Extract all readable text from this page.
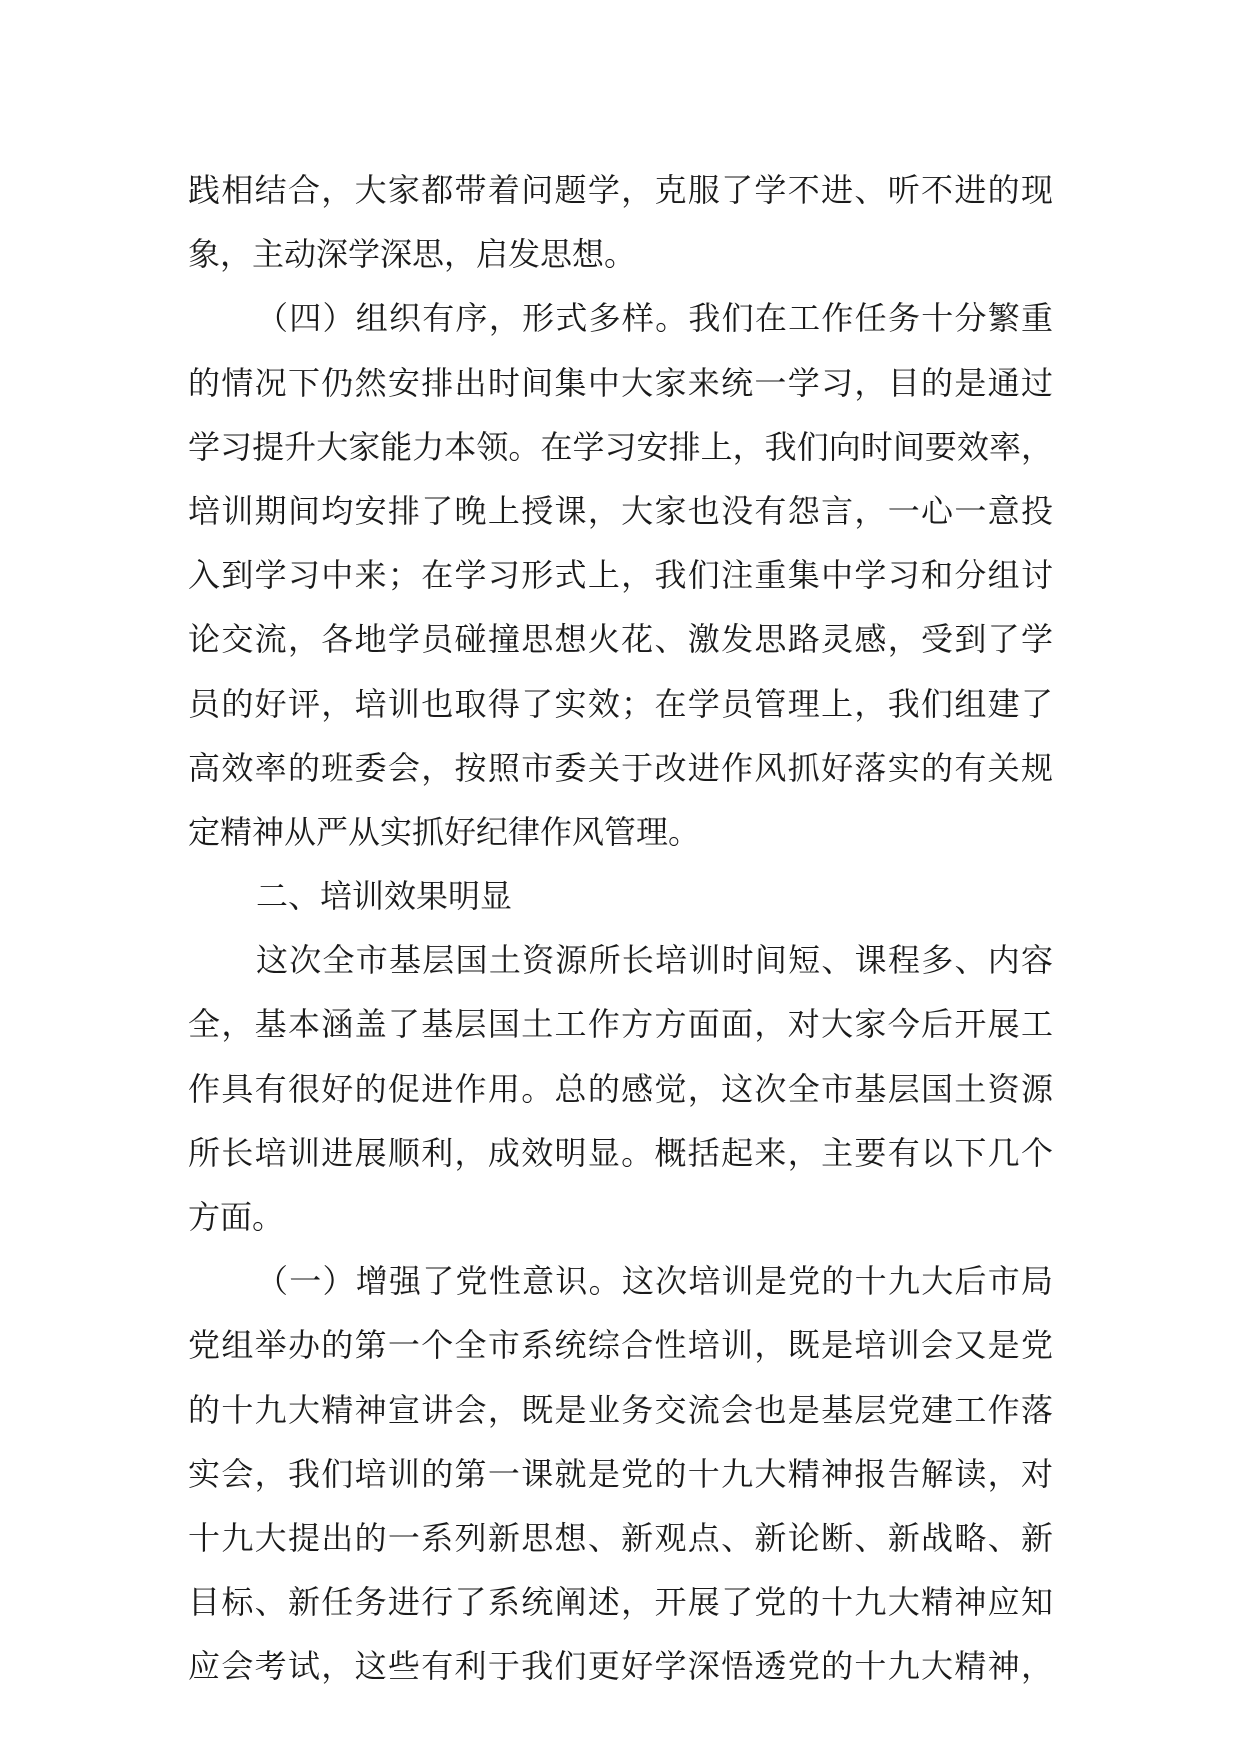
践相结合，大家都带着问题学，克服了学不进、听不进的现
象，主动深学深思，启发思想。
（四）组织有序，形式多样。我们在工作任务十分繁重
的情况下仍然安排出时间集中大家来统一学习，目的是通过
学习提升大家能力本领。在学习安排上，我们向时间要效率，
培训期间均安排了晚上授课，大家也没有怨言，一心一意投
入到学习中来；在学习形式上，我们注重集中学习和分组讨
论交流，各地学员碰撞思想火花、激发思路灵感，受到了学
员的好评，培训也取得了实效；在学员管理上，我们组建了
高效率的班委会，按照市委关于改进作风抓好落实的有关规
定精神从严从实抓好纪律作风管理。
二、培训效果明显
这次全市基层国土资源所长培训时间短、课程多、内容
全，基本涵盖了基层国土工作方方面面，对大家今后开展工
作具有很好的促进作用。总的感觉，这次全市基层国土资源
所长培训进展顺利，成效明显。概括起来，主要有以下几个
方面。
（一）增强了党性意识。这次培训是党的十九大后市局
党组举办的第一个全市系统综合性培训，既是培训会又是党
的十九大精神宣讲会，既是业务交流会也是基层党建工作落
实会，我们培训的第一课就是党的十九大精神报告解读，对
十九大提出的一系列新思想、新观点、新论断、新战略、新
目标、新任务进行了系统阐述，开展了党的十九大精神应知
应会考试，这些有利于我们更好学深悟透党的十九大精神，
